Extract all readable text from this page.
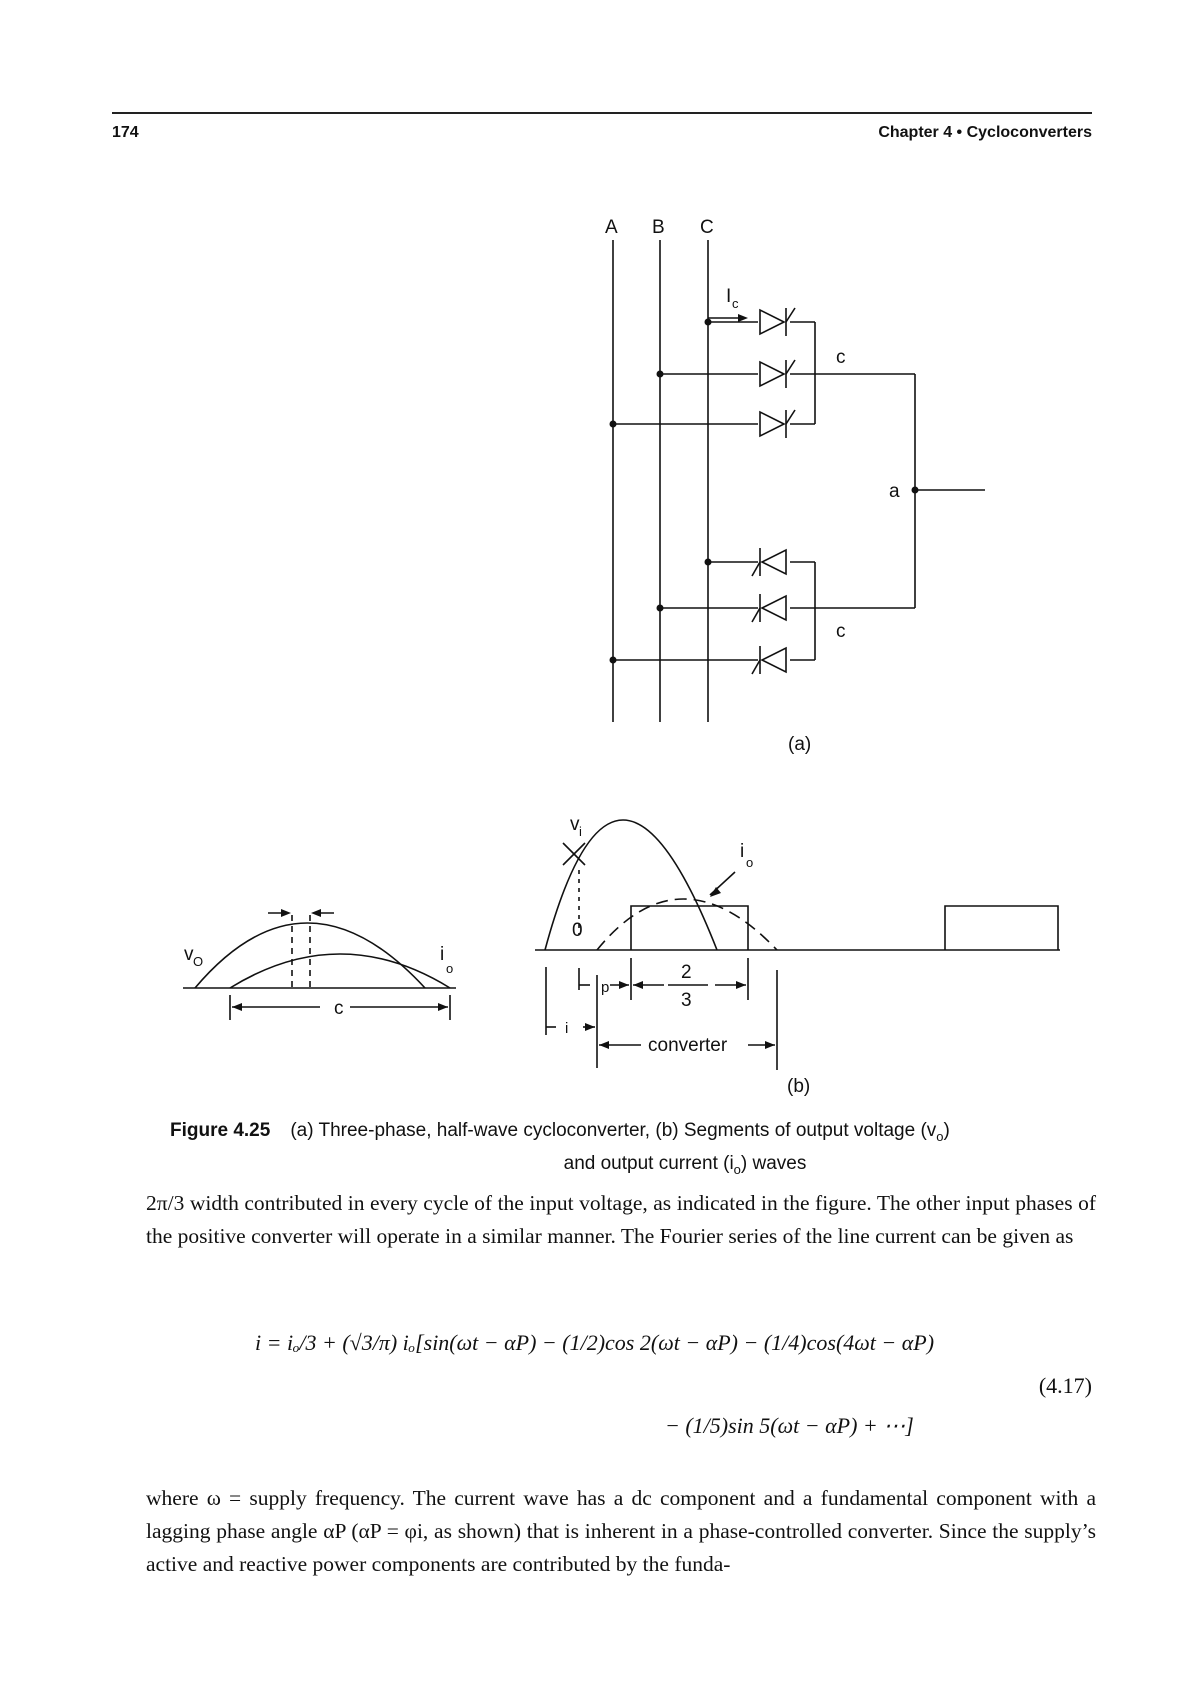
174	Chapter 4 • Cycloconverters
A B C
I c
c
c
a
(a)
v O	i
o
c
v i
i
o
0
p
i
2
3
converter
(b)
Figure 4.25 (a) Three-phase, half-wave cycloconverter, (b) Segments of output voltage $(v_o)$
and output current $(i_o)$ waves
2π/3 width contributed in every cycle of the input voltage, as indicated in the figure. The other input phases of the positive converter will operate in a similar manner. The Fourier series of the line current can be given as
i = iₒ/3 + (√3/π) iₒ[sin(ωt − αP) − (1/2)cos 2(ωt − αP) − (1/4)cos(4ωt − αP)
− (1/5)sin 5(ωt − αP) + ⋯]
(4.17)
where ω = supply frequency. The current wave has a dc component and a fundamental component with a lagging phase angle αP (αP = φi, as shown) that is inherent in a phase-controlled converter. Since the supply’s active and reactive power components are contributed by the funda-
